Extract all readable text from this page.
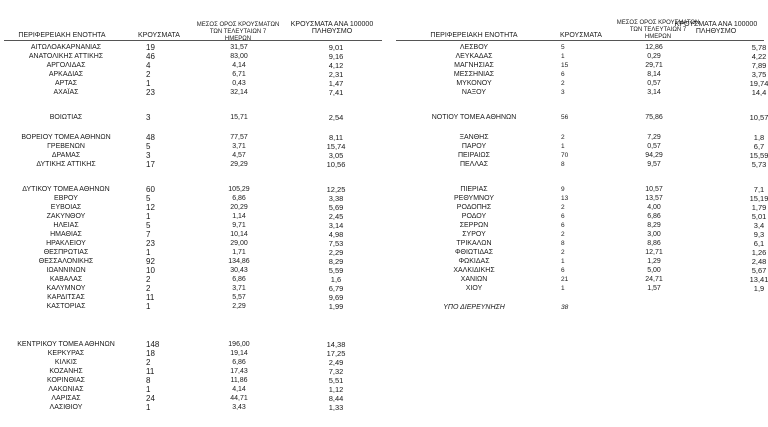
ΠΕΡΙΦΕΡΕΙΑΚΗ ΕΝΟΤΗΤΑ	ΚΡΟΥΣΜΑΤΑ
ΜΕΣΟΣ ΟΡΟΣ ΚΡΟΥΣΜΑΤΩΝ
ΤΩΝ ΤΕΛΕΥΤΑΙΩΝ 7 ΗΜΕΡΩΝ
ΚΡΟΥΣΜΑΤΑ ΑΝΑ 100000
ΠΛΗΘΥΣΜΟ
ΠΕΡΙΦΕΡΕΙΑΚΗ ΕΝΟΤΗΤΑ	ΚΡΟΥΣΜΑΤΑ
ΜΕΣΟΣ ΟΡΟΣ ΚΡΟΥΣΜΑΤΩΝ
ΤΩΝ ΤΕΛΕΥΤΑΙΩΝ 7 ΗΜΕΡΩΝ
ΚΡΟΥΣΜΑΤΑ ΑΝΑ 100000
ΠΛΗΘΥΣΜΟ
ΑΙΤΩΛΟΑΚΑΡΝΑΝΙΑΣ	19	31,57	9,01
ΑΝΑΤΟΛΙΚΗΣ ΑΤΤΙΚΗΣ	46	83,00	9,16
ΑΡΓΟΛΙΔΑΣ	4	4,14	4,12
ΑΡΚΑΔΙΑΣ	2	6,71	2,31
ΑΡΤΑΣ	1	0,43	1,47
ΑΧΑΪΑΣ	23	32,14	7,41
ΒΟΙΩΤΙΑΣ	3	15,71	2,54
ΒΟΡΕΙΟΥ ΤΟΜΕΑ ΑΘΗΝΩΝ	48	77,57	8,11
ΓΡΕΒΕΝΩΝ	5	3,71	15,74
ΔΡΑΜΑΣ	3	4,57	3,05
ΔΥΤΙΚΗΣ ΑΤΤΙΚΗΣ	17	29,29	10,56
ΔΥΤΙΚΟΥ ΤΟΜΕΑ ΑΘΗΝΩΝ	60	105,29	12,25
ΕΒΡΟΥ	5	6,86	3,38
ΕΥΒΟΙΑΣ	12	20,29	5,69
ΖΑΚΥΝΘΟΥ	1	1,14	2,45
ΗΛΕΙΑΣ	5	9,71	3,14
ΗΜΑΘΙΑΣ	7	10,14	4,98
ΗΡΑΚΛΕΙΟΥ	23	29,00	7,53
ΘΕΣΠΡΩΤΙΑΣ	1	1,71	2,29
ΘΕΣΣΑΛΟΝΙΚΗΣ	92	134,86	8,29
ΙΩΑΝΝΙΝΩΝ	10	30,43	5,59
ΚΑΒΑΛΑΣ	2	6,86	1,6
ΚΑΛΥΜΝΟΥ	2	3,71	6,79
ΚΑΡΔΙΤΣΑΣ	11	5,57	9,69
ΚΑΣΤΟΡΙΑΣ	1	2,29	1,99
ΚΕΝΤΡΙΚΟΥ ΤΟΜΕΑ ΑΘΗΝΩΝ	148	196,00	14,38
ΚΕΡΚΥΡΑΣ	18	19,14	17,25
ΚΙΛΚΙΣ	2	6,86	2,49
ΚΟΖΑΝΗΣ	11	17,43	7,32
ΚΟΡΙΝΘΙΑΣ	8	11,86	5,51
ΛΑΚΩΝΙΑΣ	1	4,14	1,12
ΛΑΡΙΣΑΣ	24	44,71	8,44
ΛΑΣΙΘΙΟΥ	1	3,43	1,33
ΛΕΣΒΟΥ	5	12,86	5,78
ΛΕΥΚΑΔΑΣ	1	0,29	4,22
ΜΑΓΝΗΣΙΑΣ	15	29,71	7,89
ΜΕΣΣΗΝΙΑΣ	6	8,14	3,75
ΜΥΚΟΝΟΥ	2	0,57	19,74
ΝΑΞΟΥ	3	3,14	14,4
ΝΟΤΙΟΥ ΤΟΜΕΑ ΑΘΗΝΩΝ	56	75,86	10,57
ΞΑΝΘΗΣ	2	7,29	1,8
ΠΑΡΟΥ	1	0,57	6,7
ΠΕΙΡΑΙΩΣ	70	94,29	15,59
ΠΕΛΛΑΣ	8	9,57	5,73
ΠΙΕΡΙΑΣ	9	10,57	7,1
ΡΕΘΥΜΝΟΥ	13	13,57	15,19
ΡΟΔΟΠΗΣ	2	4,00	1,79
ΡΟΔΟΥ	6	6,86	5,01
ΣΕΡΡΩΝ	6	8,29	3,4
ΣΥΡΟΥ	2	3,00	9,3
ΤΡΙΚΑΛΩΝ	8	8,86	6,1
ΦΘΙΩΤΙΔΑΣ	2	12,71	1,26
ΦΩΚΙΔΑΣ	1	1,29	2,48
ΧΑΛΚΙΔΙΚΗΣ	6	5,00	5,67
ΧΑΝΙΩΝ	21	24,71	13,41
ΧΙΟΥ	1	1,57	1,9
ΥΠΟ ΔΙΕΡΕΥΝΗΣΗ	38
